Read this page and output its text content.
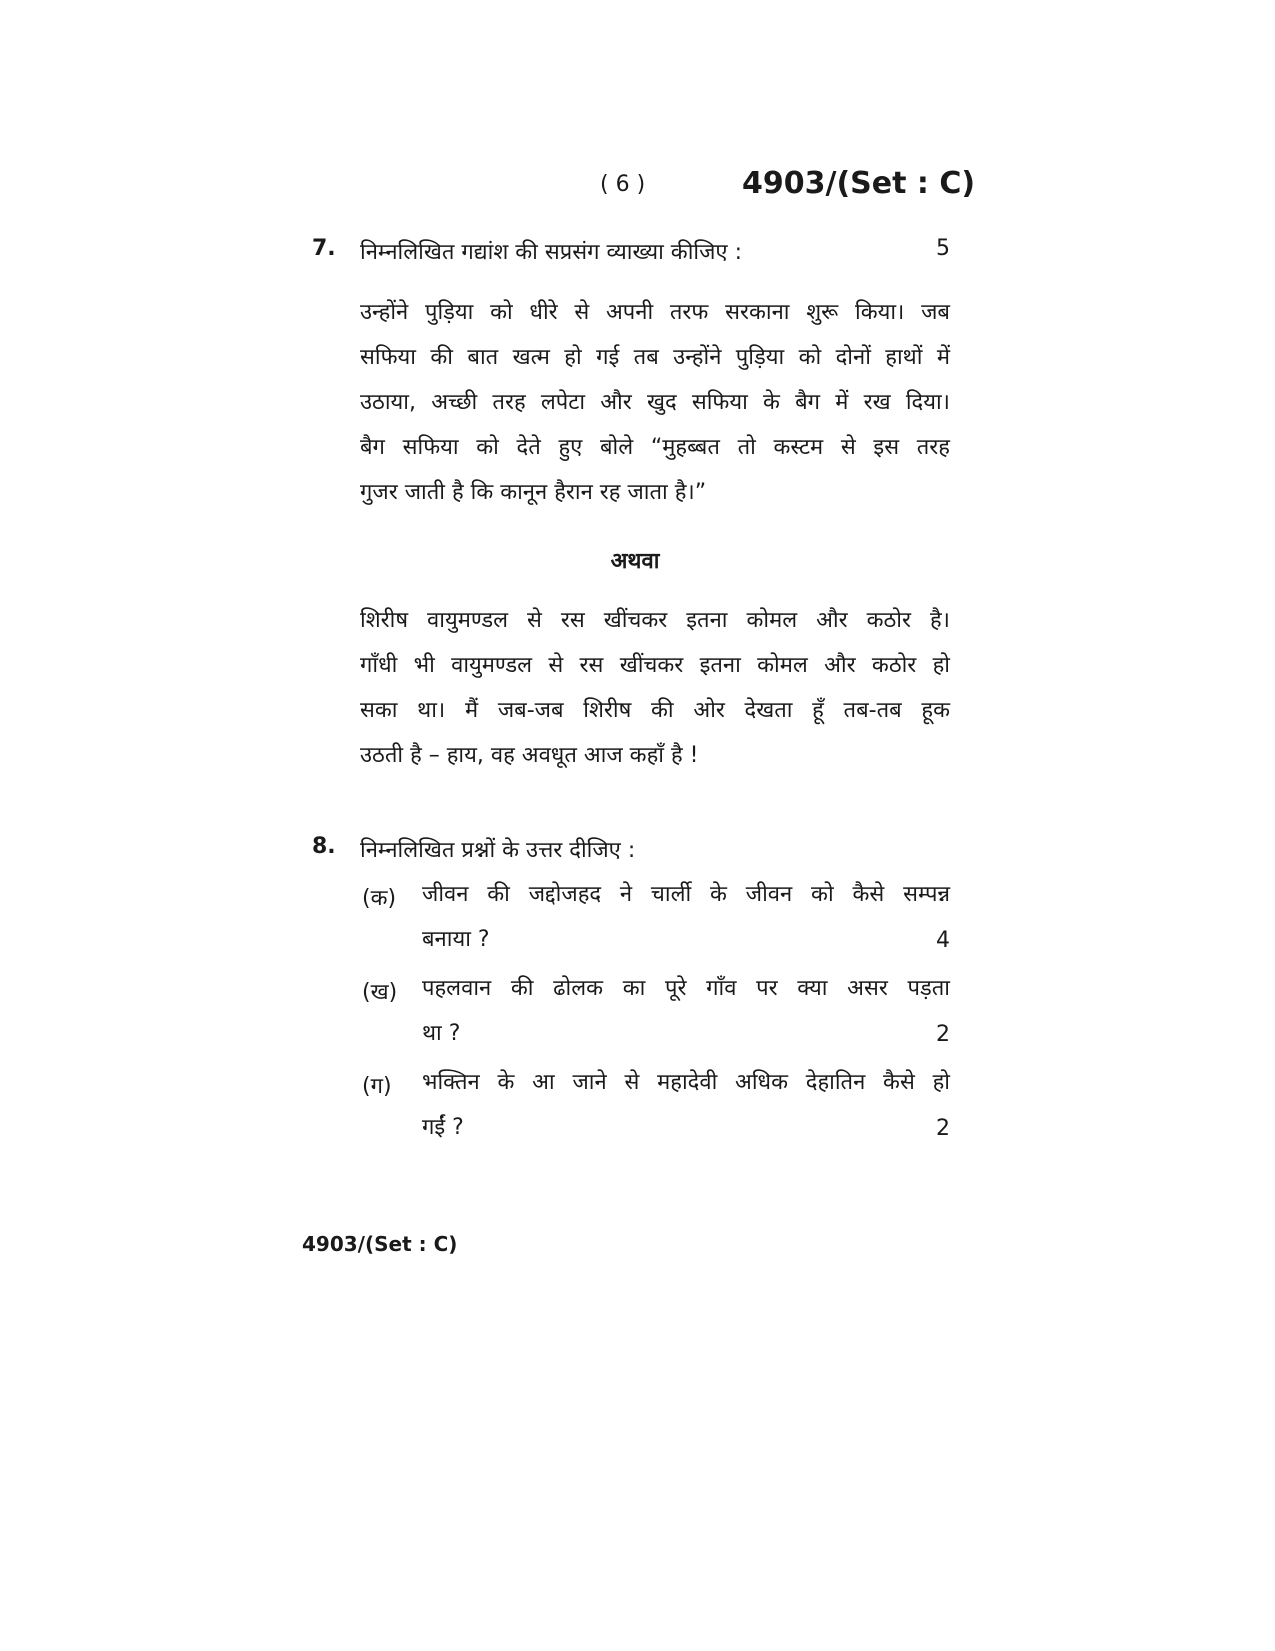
( 6 )	4903/(Set : C)
7. निम्नलिखित गद्यांश की सप्रसंग व्याख्या कीजिए :	5
उन्होंने पुड़िया को धीरे से अपनी तरफ सरकाना शुरू किया। जब
सफिया की बात खत्म हो गई तब उन्होंने पुड़िया को दोनों हाथों में
उठाया, अच्छी तरह लपेटा और खुद सफिया के बैग में रख दिया।
बैग सफिया को देते हुए बोले “मुहब्बत तो कस्टम से इस तरह
गुजर जाती है कि कानून हैरान रह जाता है।”
अथवा
शिरीष वायुमण्डल से रस खींचकर इतना कोमल और कठोर है।
गाँधी भी वायुमण्डल से रस खींचकर इतना कोमल और कठोर हो
सका था। मैं जब-जब शिरीष की ओर देखता हूँ तब-तब हूक
उठती है – हाय, वह अवधूत आज कहाँ है !
8. निम्नलिखित प्रश्नों के उत्तर दीजिए :
(क) जीवन की जद्दोजहद ने चार्ली के जीवन को कैसे सम्पन्न
बनाया ?	4
(ख) पहलवान की ढोलक का पूरे गाँव पर क्या असर पड़ता
था ?	2
(ग) भक्तिन के आ जाने से महादेवी अधिक देहातिन कैसे हो
गईं ?	2
4903/(Set : C)
